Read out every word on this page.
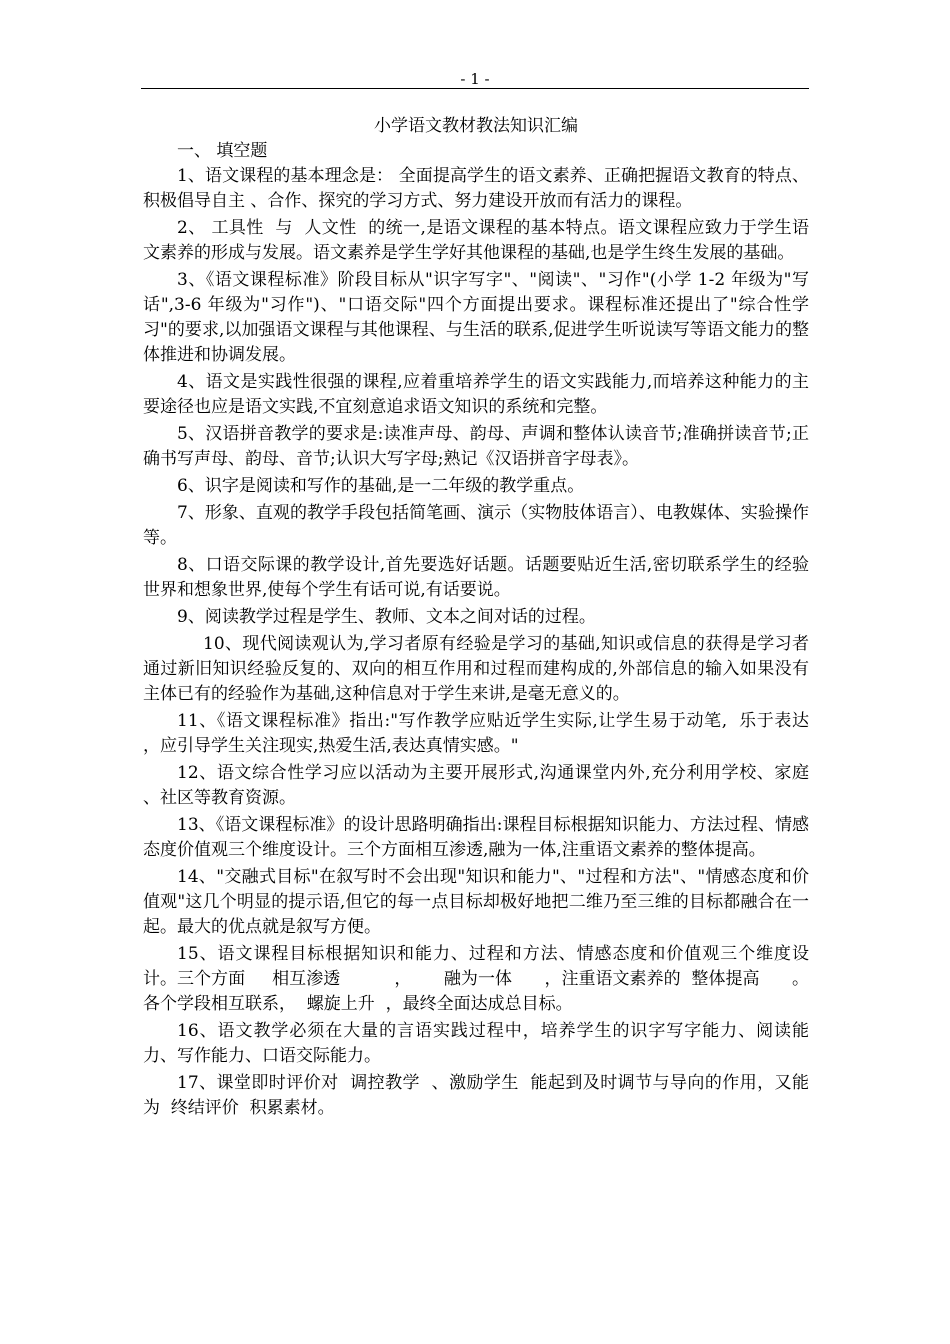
- 1 -
小学语文教材教法知识汇编
一、 填空题

1、语文课程的基本理念是： 全面提高学生的语文素养、正确把握语文教育的特点、积极倡导自主 、合作、探究的学习方式、努力建设开放而有活力的课程。

2、 工具性  与  人文性  的统一,是语文课程的基本特点。语文课程应致力于学生语文素养的形成与发展。语文素养是学生学好其他课程的基础,也是学生终生发展的基础。

3、《语文课程标准》阶段目标从"识字写字"、"阅读"、"习作"(小学 1-2 年级为"写话",3-6 年级为"习作")、"口语交际"四个方面提出要求。课程标准还提出了"综合性学习"的要求,以加强语文课程与其他课程、与生活的联系,促进学生听说读写等语文能力的整体推进和协调发展。

4、语文是实践性很强的课程,应着重培养学生的语文实践能力,而培养这种能力的主要途径也应是语文实践,不宜刻意追求语文知识的系统和完整。

5、汉语拼音教学的要求是:读准声母、韵母、声调和整体认读音节;准确拼读音节;正确书写声母、韵母、音节;认识大写字母;熟记《汉语拼音字母表》。

6、识字是阅读和写作的基础,是一二年级的教学重点。

7、形象、直观的教学手段包括简笔画、演示（实物肢体语言）、电教媒体、实验操作等。

8、口语交际课的教学设计,首先要选好话题。话题要贴近生活,密切联系学生的经验世界和想象世界,使每个学生有话可说,有话要说。

9、阅读教学过程是学生、教师、文本之间对话的过程。

10、现代阅读观认为,学习者原有经验是学习的基础,知识或信息的获得是学习者通过新旧知识经验反复的、双向的相互作用和过程而建构成的,外部信息的输入如果没有主体已有的经验作为基础,这种信息对于学生来讲,是毫无意义的。

11、《语文课程标准》指出:"写作教学应贴近学生实际,让学生易于动笔,  乐于表达      ，应引导学生关注现实,热爱生活,表达真情实感。"

12、语文综合性学习应以活动为主要开展形式,沟通课堂内外,充分利用学校、家庭  、社区等教育资源。

13、《语文课程标准》的设计思路明确指出:课程目标根据知识能力、方法过程、情感态度价值观三个维度设计。三个方面相互渗透,融为一体,注重语文素养的整体提高。

14、"交融式目标"在叙写时不会出现"知识和能力"、"过程和方法"、"情感态度和价值观"这几个明显的提示语,但它的每一点目标却极好地把二维乃至三维的目标都融合在一起。最大的优点就是叙写方便。

15、语文课程目标根据知识和能力、过程和方法、情感态度和价值观三个维度设计。三个方面     相互渗透          ，      融为一体      ，注重语文素养的  整体提高      。各个学段相互联系，  螺旋上升  ，最终全面达成总目标。

16、语文教学必须在大量的言语实践过程中，培养学生的识字写字能力、阅读能力、写作能力、口语交际能力。

17、课堂即时评价对  调控教学  、激励学生  能起到及时调节与导向的作用，又能为  终结评价  积累素材。
